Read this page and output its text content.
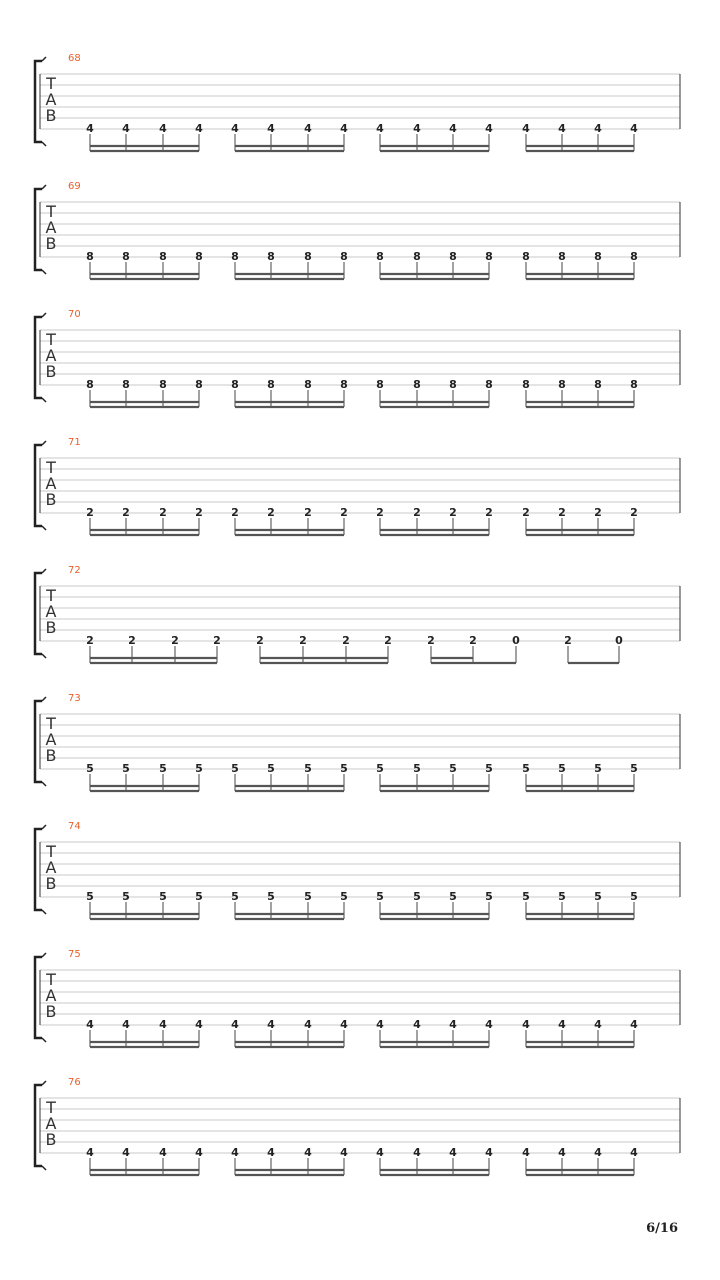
68
T
A
B
4	4	4	4	4	4	4	4	4	4	4	4	4	4	4	4
69
T
A
B
8	8	8	8	8	8	8	8	8	8	8	8	8	8	8	8
70
T
A
B
8	8	8	8	8	8	8	8	8	8	8	8	8	8	8	8
71
T
A
B
2	2	2	2	2	2	2	2	2	2	2	2	2	2	2	2
72
T
A
B
2	2	2	2	2	2	2	2	2	2	0	2	0
73
T
A
B
5	5	5	5	5	5	5	5	5	5	5	5	5	5	5	5
74
T
A
B
5	5	5	5	5	5	5	5	5	5	5	5	5	5	5	5
75
T
A
B
4	4	4	4	4	4	4	4	4	4	4	4	4	4	4	4
76
T
A
B
4	4	4	4	4	4	4	4	4	4	4	4	4	4	4	4
6/16
